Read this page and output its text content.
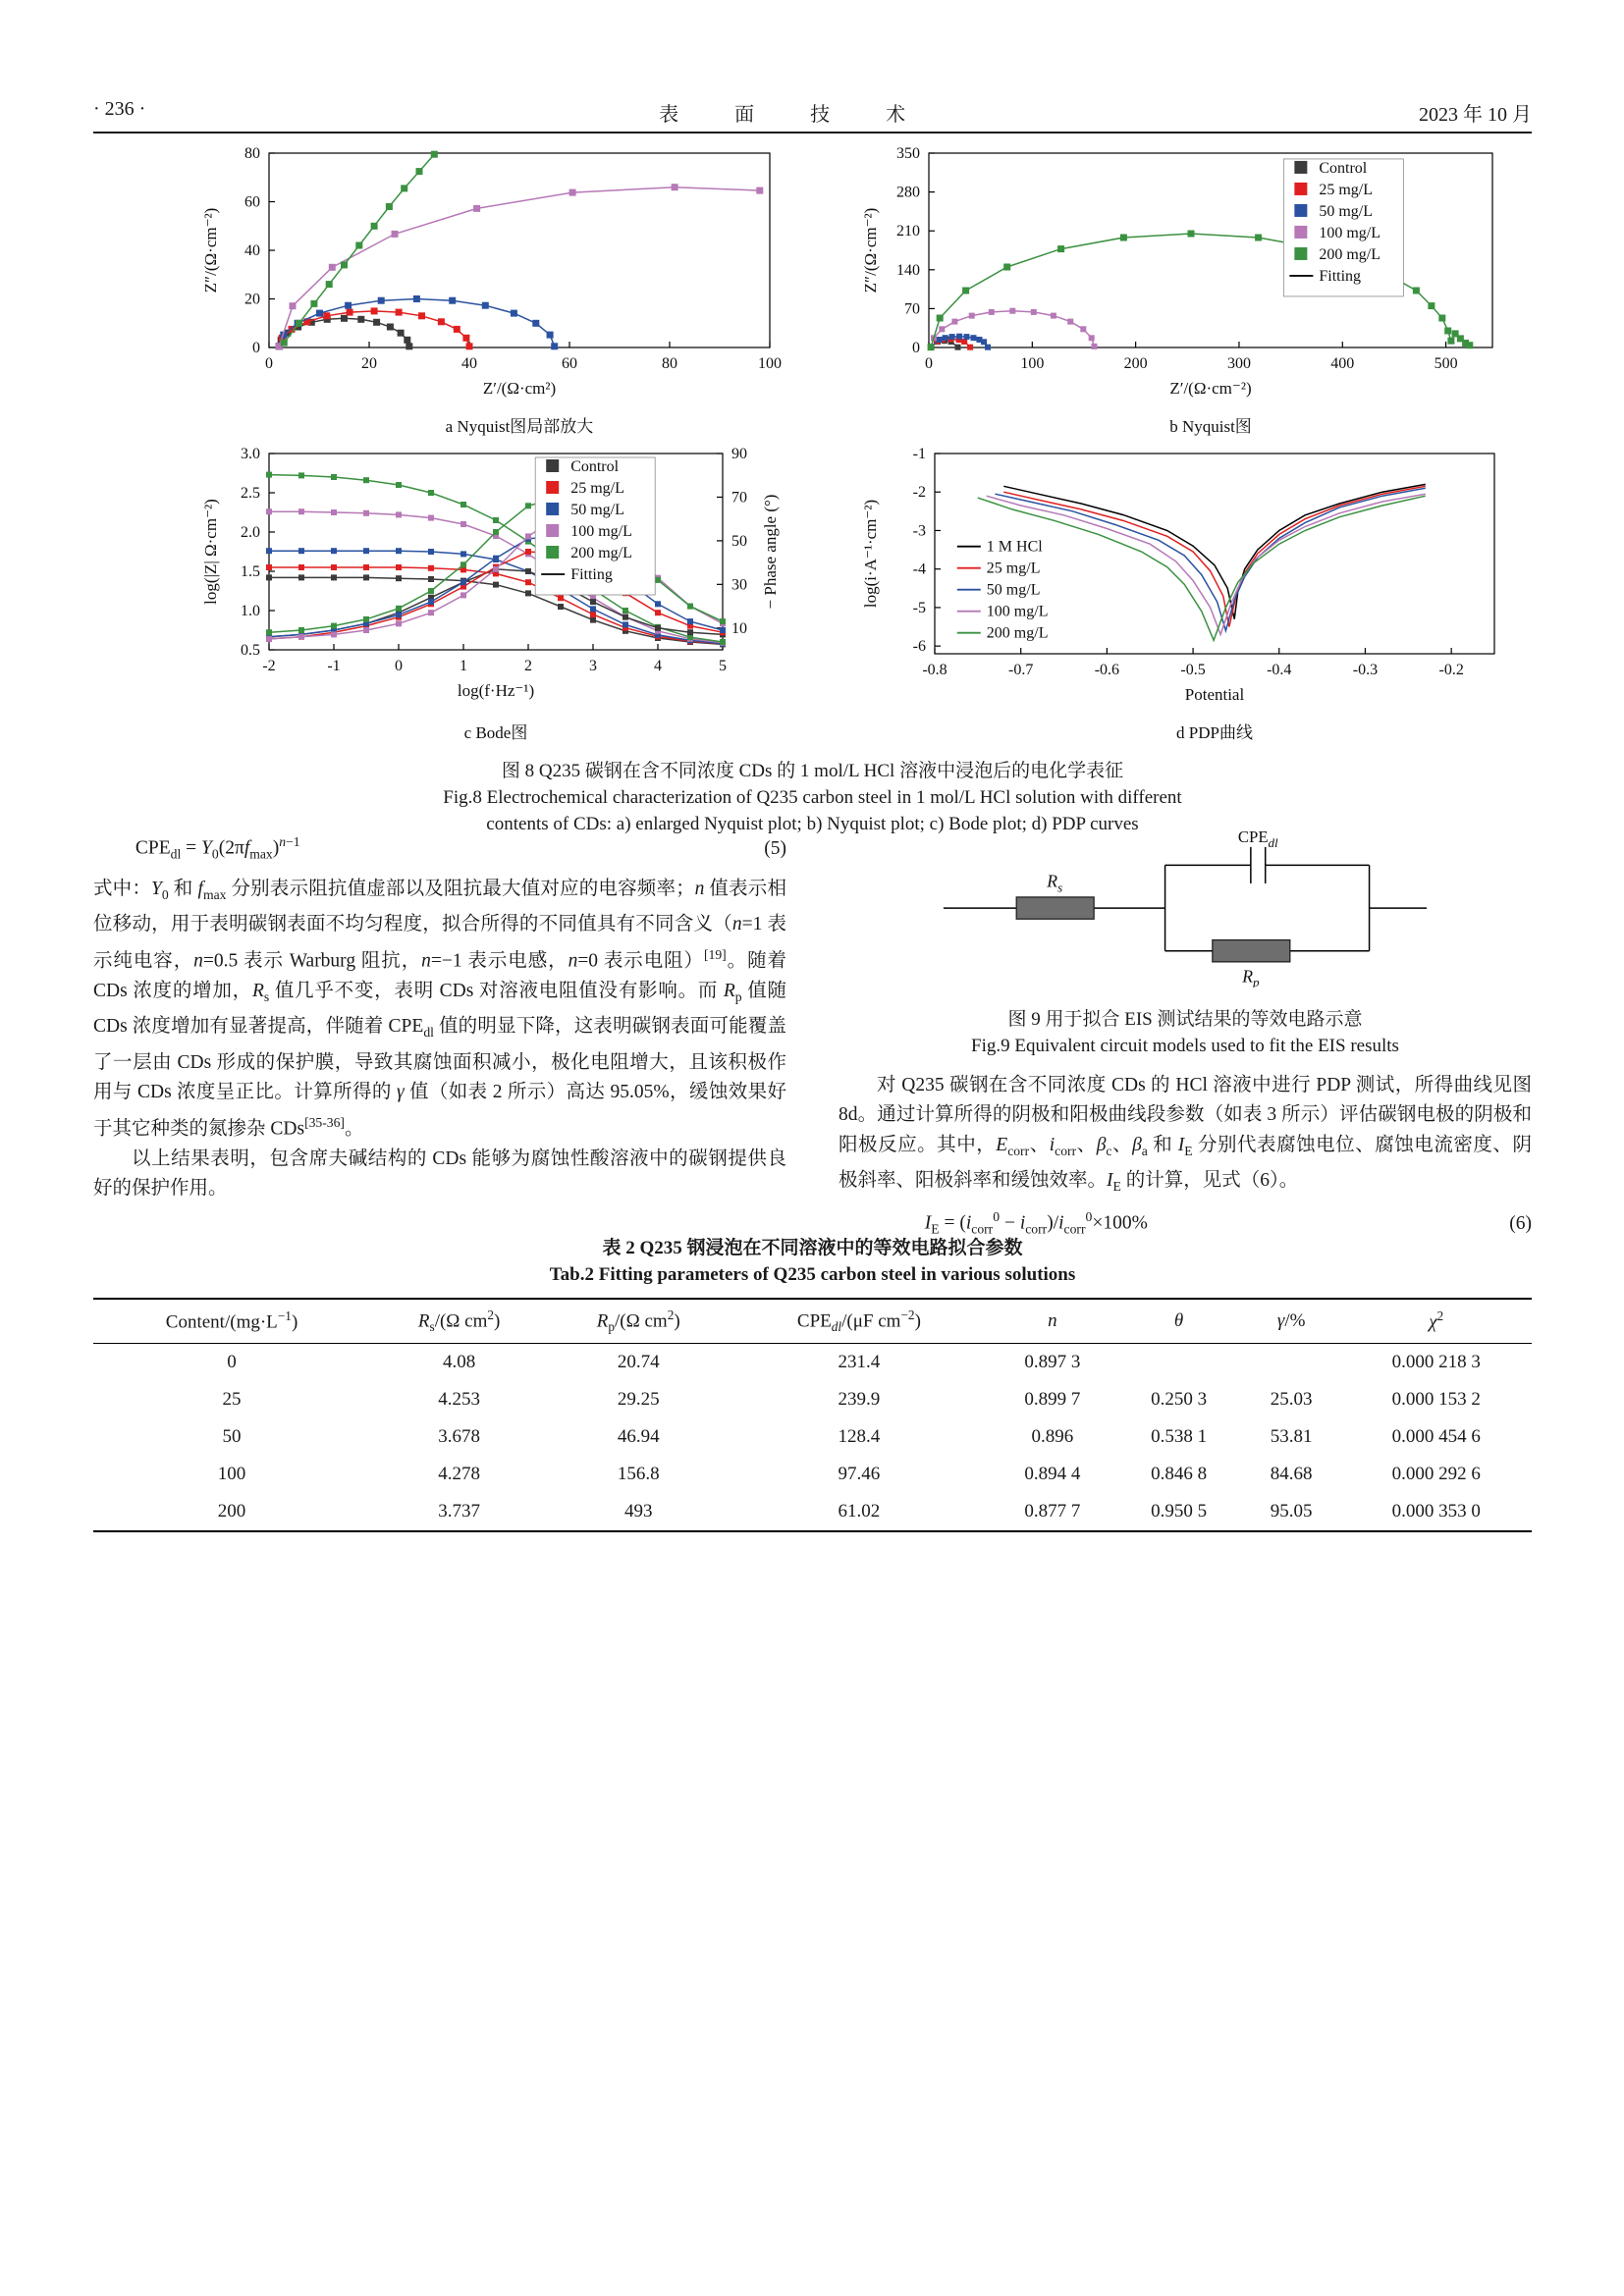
· 236 ·	表 面 技 术	2023 年 10 月
0	20	40	60	80	100
0
20
40
60
80
Z′/(Ω·cm²)
Z″/(Ω·cm⁻²)
a Nyquist图局部放大
0	100	200	300	400	500
0
70
140
210
280
350
Z′/(Ω·cm⁻²)
Z″/(Ω·cm⁻²)
b Nyquist图
Control
25 mg/L
50 mg/L
100 mg/L
200 mg/L
Fitting
-2	-1	0	1	2	3	4	5
0.5
1.0
1.5
2.0
2.5
3.0
10
30
50
70
90
log(f·Hz⁻¹)
log(|Z| Ω·cm⁻²)	− Phase angle (°)
c Bode图
Control
25 mg/L
50 mg/L
100 mg/L
200 mg/L
Fitting
-0.8	-0.7	-0.6	-0.5	-0.4	-0.3	-0.2
-6
-5
-4
-3
-2
-1
Potential
log(i·A⁻¹·cm⁻²)
d PDP曲线
1 M HCl
25 mg/L
50 mg/L
100 mg/L
200 mg/L
图 8 Q235 碳钢在含不同浓度 CDs 的 1 mol/L HCl 溶液中浸泡后的电化学表征
Fig.8 Electrochemical characterization of Q235 carbon steel in 1 mol/L HCl solution with different
contents of CDs: a) enlarged Nyquist plot; b) Nyquist plot; c) Bode plot; d) PDP curves
$CPE_{dl} = Y_0(2\pi f_{max})^{n-1}$	(5)

式中：$Y_0$ 和 $f_{max}$ 分别表示阻抗值虚部以及阻抗最大值对应的电容频率；n 值表示相位移动，用于表明碳钢表面不均匀程度，拟合所得的不同值具有不同含义（n=1 表示纯电容，n=0.5 表示 Warburg 阻抗，n=−1 表示电感，n=0 表示电阻）[19]。随着 CDs 浓度的增加，$R_s$ 值几乎不变，表明 CDs 对溶液电阻值没有影响。而 $R_p$ 值随 CDs 浓度增加有显著提高，伴随着 $CPE_{dl}$ 值的明显下降，这表明碳钢表面可能覆盖了一层由 CDs 形成的保护膜，导致其腐蚀面积减小，极化电阻增大，且该积极作用与 CDs 浓度呈正比。计算所得的 γ 值（如表 2 所示）高达 95.05%，缓蚀效果好于其它种类的氮掺杂 CDs[35-36]。

以上结果表明，包含席夫碱结构的 CDs 能够为腐蚀性酸溶液中的碳钢提供良好的保护作用。

$R_s$
$CPE_{dl}$
$R_p$
图 9 用于拟合 EIS 测试结果的等效电路示意
Fig.9 Equivalent circuit models used to fit the EIS results

对 Q235 碳钢在含不同浓度 CDs 的 HCl 溶液中进行 PDP 测试，所得曲线见图 8d。通过计算所得的阴极和阳极曲线段参数（如表 3 所示）评估碳钢电极的阴极和阳极反应。其中，$E_{corr}$、$i_{corr}$、$\beta_c$、$\beta_a$ 和 $I_E$ 分别代表腐蚀电位、腐蚀电流密度、阴极斜率、阳极斜率和缓蚀效率。$I_E$ 的计算，见式（6）。

$I_E = (i_{corr}^0 - i_{corr})/i_{corr}^0\times 100\%$	(6)
表 2 Q235 钢浸泡在不同溶液中的等效电路拟合参数
Tab.2 Fitting parameters of Q235 carbon steel in various solutions
Content/$(mg\cdot L^{-1})$	$R_s/(\Omega$ $cm^2$)	$R_p/(\Omega$ $cm^2$)	$CPE_{dl}/(\mu F$ $cm^{-2}$)	n	θ	γ/%	$\chi^2$
0	4.08	20.74	231.4	0.897 3			0.000 218 3
25	4.253	29.25	239.9	0.899 7	0.250 3	25.03	0.000 153 2
50	3.678	46.94	128.4	0.896	0.538 1	53.81	0.000 454 6
100	4.278	156.8	97.46	0.894 4	0.846 8	84.68	0.000 292 6
200	3.737	493	61.02	0.877 7	0.950 5	95.05	0.000 353 0
